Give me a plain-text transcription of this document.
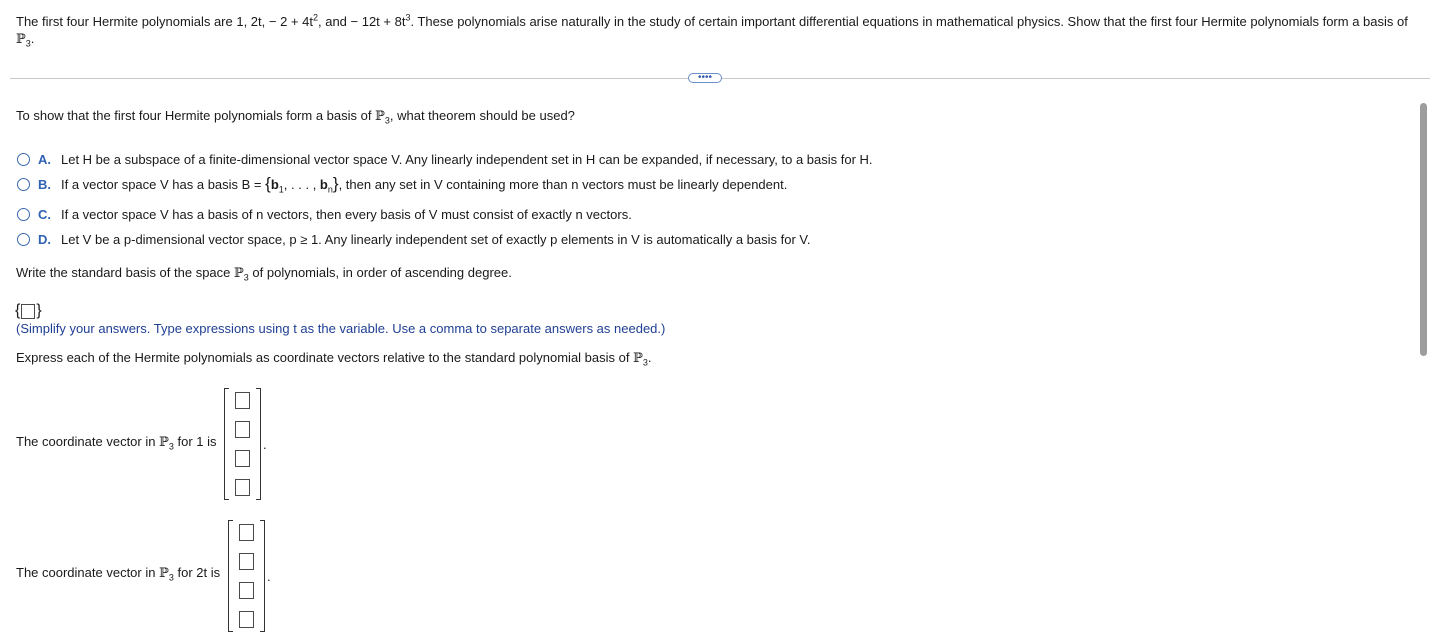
The first four Hermite polynomials are 1, 2t, − $2 + 4t^2$, and − $12t + 8t^3$. These polynomials arise naturally in the study of certain important differential equations in mathematical physics. Show that the first four Hermite polynomials form a basis of ℙ$_3$.
••••
To show that the first four Hermite polynomials form a basis of ℙ$_3$, what theorem should be used?
A. Let H be a subspace of a finite-dimensional vector space V. Any linearly independent set in H can be expanded, if necessary, to a basis for H.
B. If a vector space V has a basis $B = \{b_1$, . . . , $b_n$}, then any set in V containing more than n vectors must be linearly dependent.
C. If a vector space V has a basis of n vectors, then every basis of V must consist of exactly n vectors.
D. Let V be a p-dimensional vector space, p ≥ 1. Any linearly independent set of exactly p elements in V is automatically a basis for V.
Write the standard basis of the space ℙ$_3$ of polynomials, in order of ascending degree.
{ }
(Simplify your answers. Type expressions using t as the variable. Use a comma to separate answers as needed.)
Express each of the Hermite polynomials as coordinate vectors relative to the standard polynomial basis of ℙ$_3$.
The coordinate vector in ℙ$_3$ for 1 is	.
The coordinate vector in ℙ$_3$ for 2t is	.
